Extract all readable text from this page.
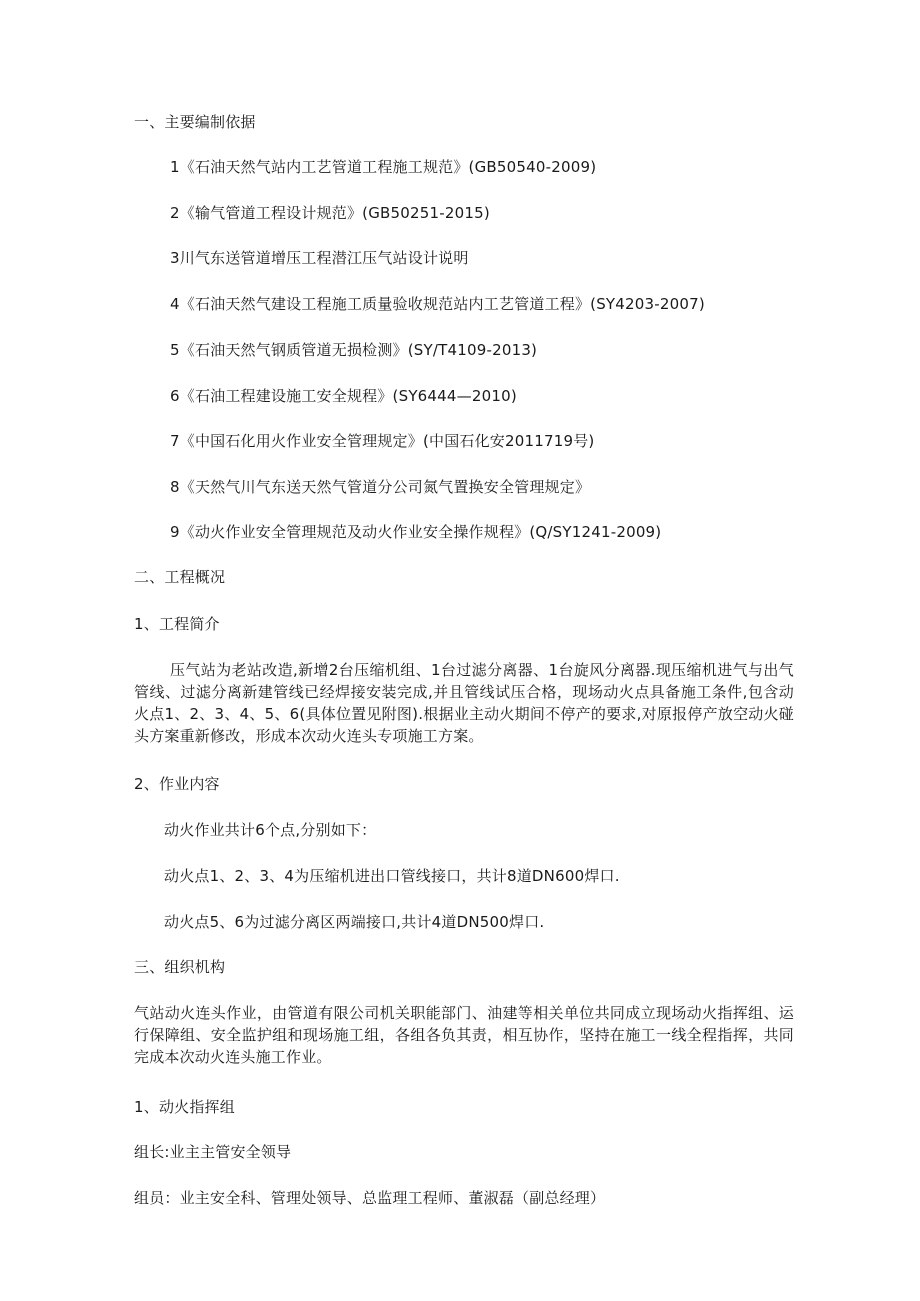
一、主要编制依据
1《石油天然气站内工艺管道工程施工规范》(GB50540-2009)
2《输气管道工程设计规范》(GB50251-2015)
3川气东送管道增压工程潜江压气站设计说明
4《石油天然气建设工程施工质量验收规范站内工艺管道工程》(SY4203-2007)
5《石油天然气钢质管道无损检测》(SY/T4109-2013)
6《石油工程建设施工安全规程》(SY6444—2010)
7《中国石化用火作业安全管理规定》(中国石化安2011719号)
8《天然气川气东送天然气管道分公司氮气置换安全管理规定》
9《动火作业安全管理规范及动火作业安全操作规程》(Q/SY1241-2009)
二、工程概况
1、工程简介
压气站为老站改造,新增2台压缩机组、1台过滤分离器、1台旋风分离器.现压缩机进气与出气管线、过滤分离新建管线已经焊接安装完成,并且管线试压合格，现场动火点具备施工条件,包含动火点1、2、3、4、5、6(具体位置见附图).根据业主动火期间不停产的要求,对原报停产放空动火碰头方案重新修改，形成本次动火连头专项施工方案。
2、作业内容
动火作业共计6个点,分别如下：
动火点1、2、3、4为压缩机进出口管线接口，共计8道DN600焊口.
动火点5、6为过滤分离区两端接口,共计4道DN500焊口.
三、组织机构
气站动火连头作业，由管道有限公司机关职能部门、油建等相关单位共同成立现场动火指挥组、运行保障组、安全监护组和现场施工组，各组各负其责，相互协作，坚持在施工一线全程指挥，共同完成本次动火连头施工作业。
1、动火指挥组
组长:业主主管安全领导
组员：业主安全科、管理处领导、总监理工程师、董淑磊（副总经理）
